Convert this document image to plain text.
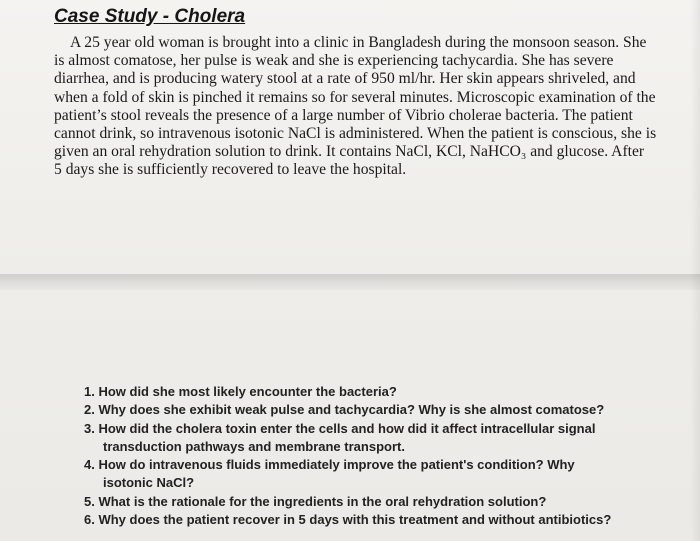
Case Study - Cholera
A 25 year old woman is brought into a clinic in Bangladesh during the monsoon season. She
is almost comatose, her pulse is weak and she is experiencing tachycardia. She has severe
diarrhea, and is producing watery stool at a rate of 950 ml/hr. Her skin appears shriveled, and
when a fold of skin is pinched it remains so for several minutes. Microscopic examination of the
patient’s stool reveals the presence of a large number of Vibrio cholerae bacteria. The patient
cannot drink, so intravenous isotonic NaCl is administered. When the patient is conscious, she is
given an oral rehydration solution to drink. It contains NaCl, KCl, NaHCO₃ and glucose. After
5 days she is sufficiently recovered to leave the hospital.
1. How did she most likely encounter the bacteria?
2. Why does she exhibit weak pulse and tachycardia? Why is she almost comatose?
3. How did the cholera toxin enter the cells and how did it affect intracellular signal
transduction pathways and membrane transport.
4. How do intravenous fluids immediately improve the patient's condition? Why
isotonic NaCl?
5. What is the rationale for the ingredients in the oral rehydration solution?
6. Why does the patient recover in 5 days with this treatment and without antibiotics?
